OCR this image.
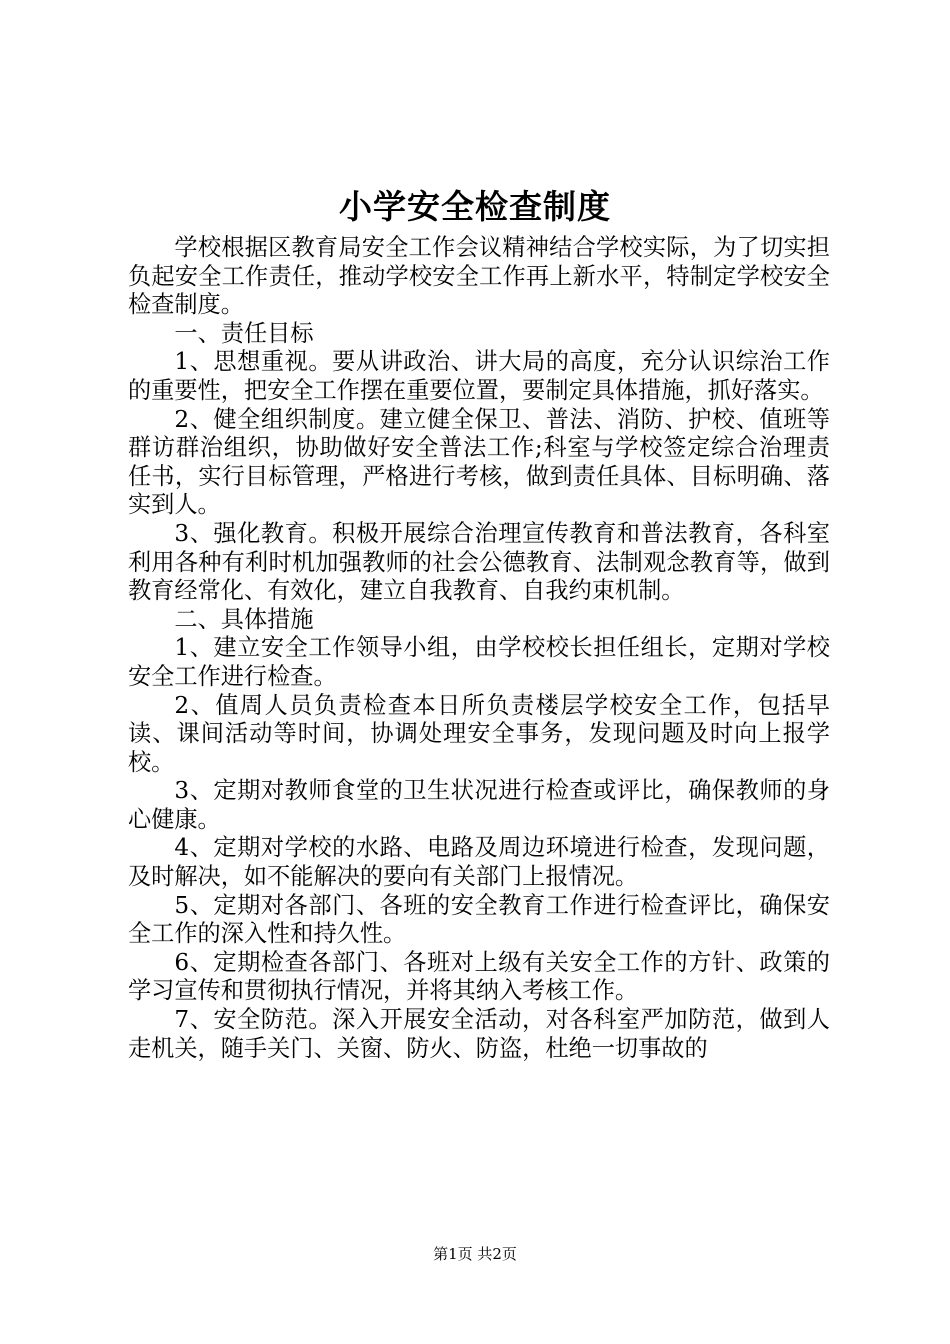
小学安全检查制度

学校根据区教育局安全工作会议精神结合学校实际，为了切实担负起安全工作责任，推动学校安全工作再上新水平，特制定学校安全检查制度。

一、责任目标

1、思想重视。要从讲政治、讲大局的高度，充分认识综治工作的重要性，把安全工作摆在重要位置，要制定具体措施，抓好落实。

2、健全组织制度。建立健全保卫、普法、消防、护校、值班等群访群治组织，协助做好安全普法工作;科室与学校签定综合治理责任书，实行目标管理，严格进行考核，做到责任具体、目标明确、落实到人。

3、强化教育。积极开展综合治理宣传教育和普法教育，各科室利用各种有利时机加强教师的社会公德教育、法制观念教育等，做到教育经常化、有效化，建立自我教育、自我约束机制。

二、具体措施

1、建立安全工作领导小组，由学校校长担任组长，定期对学校安全工作进行检查。

2、值周人员负责检查本日所负责楼层学校安全工作，包括早读、课间活动等时间，协调处理安全事务，发现问题及时向上报学校。

3、定期对教师食堂的卫生状况进行检查或评比，确保教师的身心健康。

4、定期对学校的水路、电路及周边环境进行检查，发现问题，及时解决，如不能解决的要向有关部门上报情况。

5、定期对各部门、各班的安全教育工作进行检查评比，确保安全工作的深入性和持久性。

6、定期检查各部门、各班对上级有关安全工作的方针、政策的学习宣传和贯彻执行情况，并将其纳入考核工作。

7、安全防范。深入开展安全活动，对各科室严加防范，做到人走机关，随手关门、关窗、防火、防盗，杜绝一切事故的

第1页 共2页
